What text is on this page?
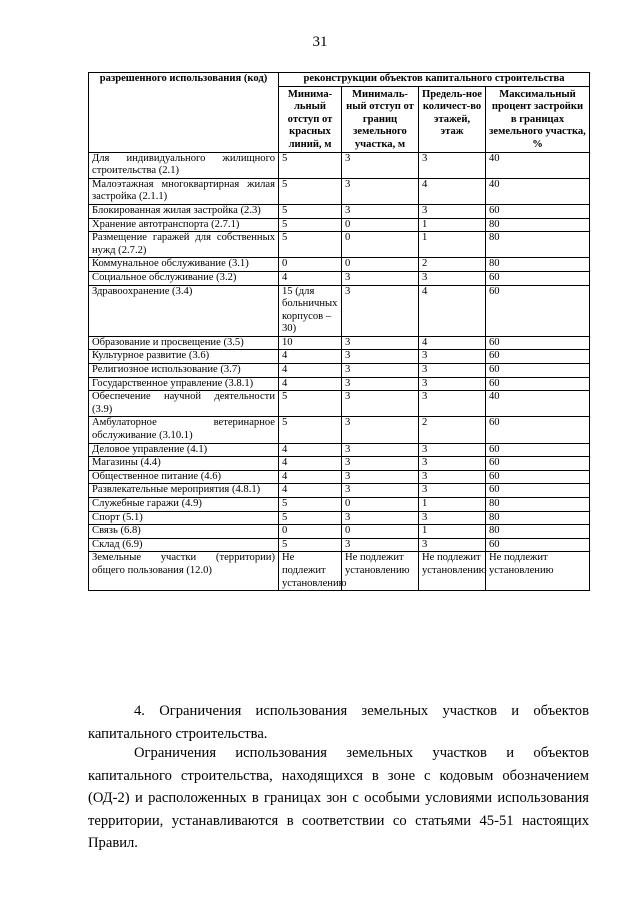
31
разрешенного использования (код)	реконструкции объектов капитального строительства			
	Минима-льный отступ от красных линий, м	Минималь-ный отступ от границ земельного участка, м	Предель-ное количест-во этажей, этаж	Максимальный процент застройки в границах земельного участка, %
Для индивидуального жилищного строительства (2.1)	5	3	3	40
Малоэтажная многоквартирная жилая застройка (2.1.1)	5	3	4	40
Блокированная жилая застройка (2.3)	5	3	3	60
Хранение автотранспорта (2.7.1)	5	0	1	80
Размещение гаражей для собственных нужд (2.7.2)	5	0	1	80
Коммунальное обслуживание (3.1)	0	0	2	80
Социальное обслуживание (3.2)	4	3	3	60
Здравоохранение (3.4)	15 (для больничных корпусов – 30)	3	4	60
Образование и просвещение (3.5)	10	3	4	60
Культурное развитие (3.6)	4	3	3	60
Религиозное использование (3.7)	4	3	3	60
Государственное управление (3.8.1)	4	3	3	60
Обеспечение научной деятельности (3.9)	5	3	3	40
Амбулаторное ветеринарное обслуживание (3.10.1)	5	3	2	60
Деловое управление (4.1)	4	3	3	60
Магазины (4.4)	4	3	3	60
Общественное питание (4.6)	4	3	3	60
Развлекательные мероприятия (4.8.1)	4	3	3	60
Служебные гаражи (4.9)	5	0	1	80
Спорт (5.1)	5	3	3	80
Связь (6.8)	0	0	1	80
Склад (6.9)	5	3	3	60
Земельные участки (территории) общего пользования (12.0)	Не подлежит установлению	Не подлежит установлению	Не подлежит установлению	Не подлежит установлению
4. Ограничения использования земельных участков и объектов капитального строительства.
Ограничения использования земельных участков и объектов капитального строительства, находящихся в зоне с кодовым обозначением (ОД-2) и расположенных в границах зон с особыми условиями использования территории, устанавливаются в соответствии со статьями 45-51 настоящих Правил.
